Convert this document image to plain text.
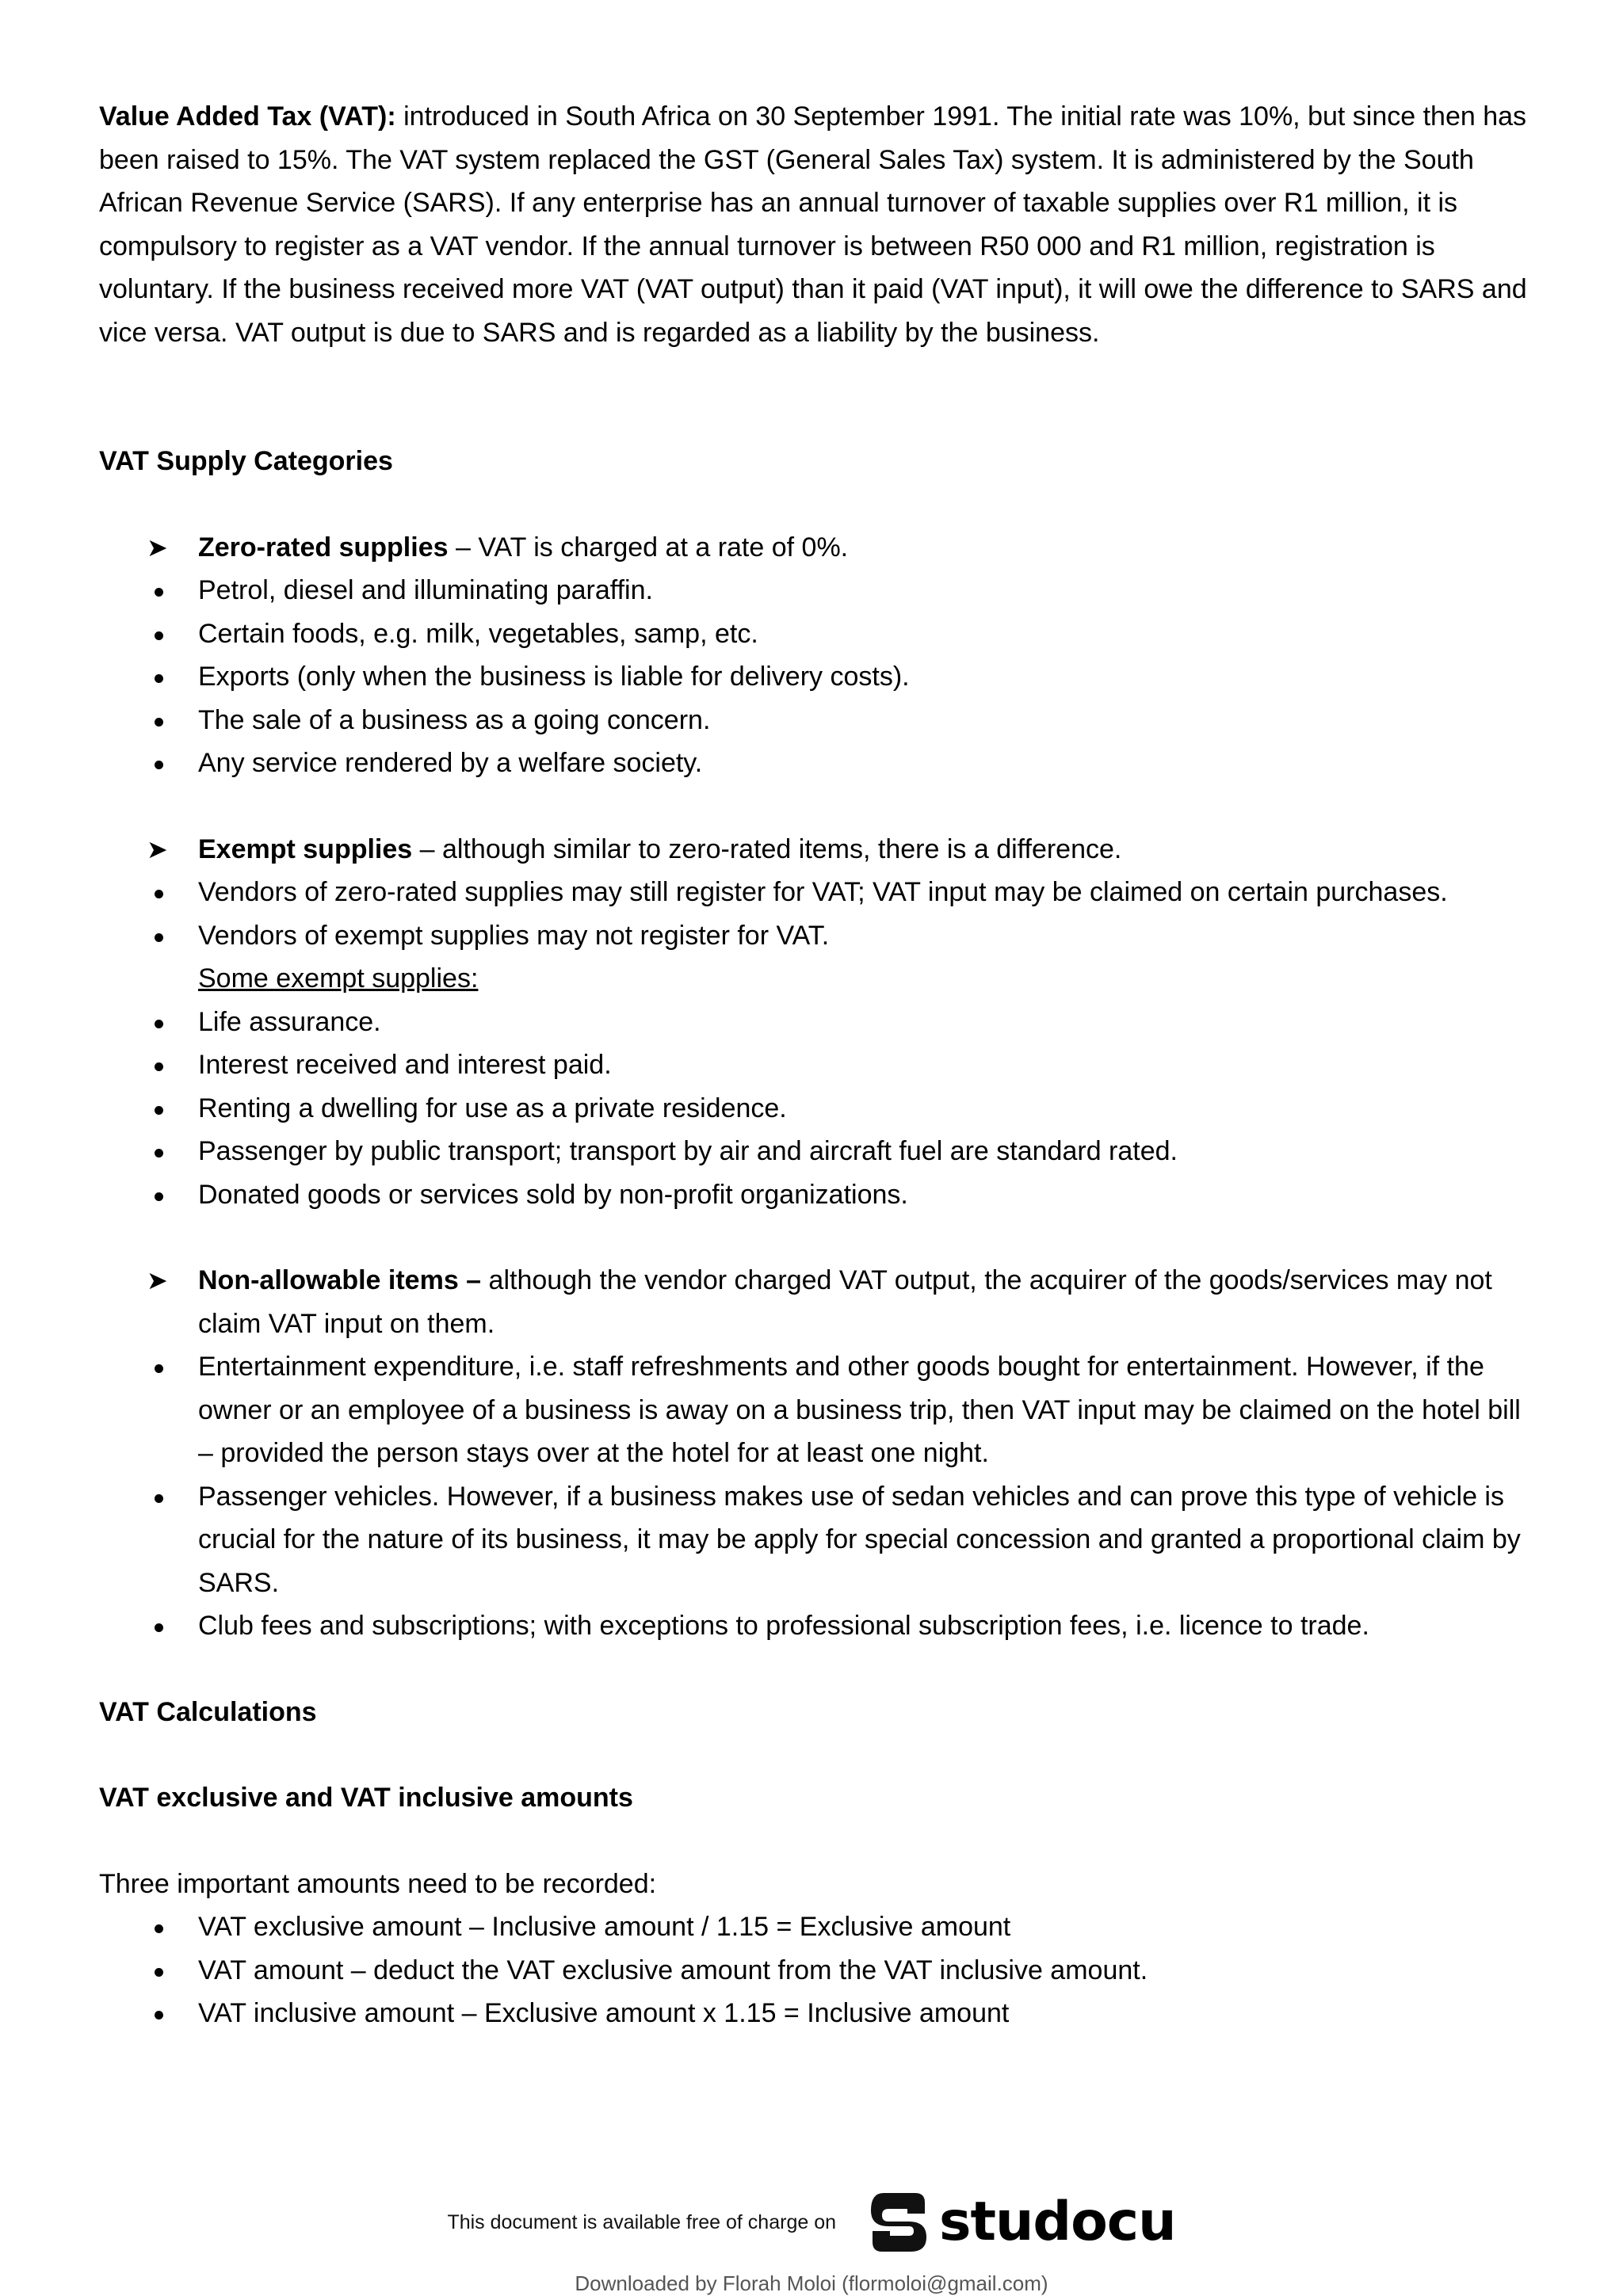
Value Added Tax (VAT): introduced in South Africa on 30 September 1991. The initial rate was 10%, but since then has been raised to 15%. The VAT system replaced the GST (General Sales Tax) system. It is administered by the South African Revenue Service (SARS). If any enterprise has an annual turnover of taxable supplies over R1 million, it is compulsory to register as a VAT vendor. If the annual turnover is between R50 000 and R1 million, registration is voluntary. If the business received more VAT (VAT output) than it paid (VAT input), it will owe the difference to SARS and vice versa. VAT output is due to SARS and is regarded as a liability by the business.

VAT Supply Categories

➤	Zero-rated supplies – VAT is charged at a rate of 0%.
Petrol, diesel and illuminating paraffin.
Certain foods, e.g. milk, vegetables, samp, etc.
Exports (only when the business is liable for delivery costs).
The sale of a business as a going concern.
Any service rendered by a welfare society.
➤	Exempt supplies – although similar to zero-rated items, there is a difference.
Vendors of zero-rated supplies may still register for VAT; VAT input may be claimed on certain purchases.
Vendors of exempt supplies may not register for VAT.
Some exempt supplies:
Life assurance.
Interest received and interest paid.
Renting a dwelling for use as a private residence.
Passenger by public transport; transport by air and aircraft fuel are standard rated.
Donated goods or services sold by non-profit organizations.
➤	Non-allowable items – although the vendor charged VAT output, the acquirer of the goods/services may not claim VAT input on them.
Entertainment expenditure, i.e. staff refreshments and other goods bought for entertainment. However, if the owner or an employee of a business is away on a business trip, then VAT input may be claimed on the hotel bill – provided the person stays over at the hotel for at least one night.
Passenger vehicles. However, if a business makes use of sedan vehicles and can prove this type of vehicle is crucial for the nature of its business, it may be apply for special concession and granted a proportional claim by SARS.
Club fees and subscriptions; with exceptions to professional subscription fees, i.e. licence to trade.

VAT Calculations

VAT exclusive and VAT inclusive amounts

Three important amounts need to be recorded:

VAT exclusive amount – Inclusive amount / 1.15 = Exclusive amount
VAT amount – deduct the VAT exclusive amount from the VAT inclusive amount.
VAT inclusive amount – Exclusive amount x 1.15 = Inclusive amount
This document is available free of charge on studocu
Downloaded by Florah Moloi (flormoloi@gmail.com)
